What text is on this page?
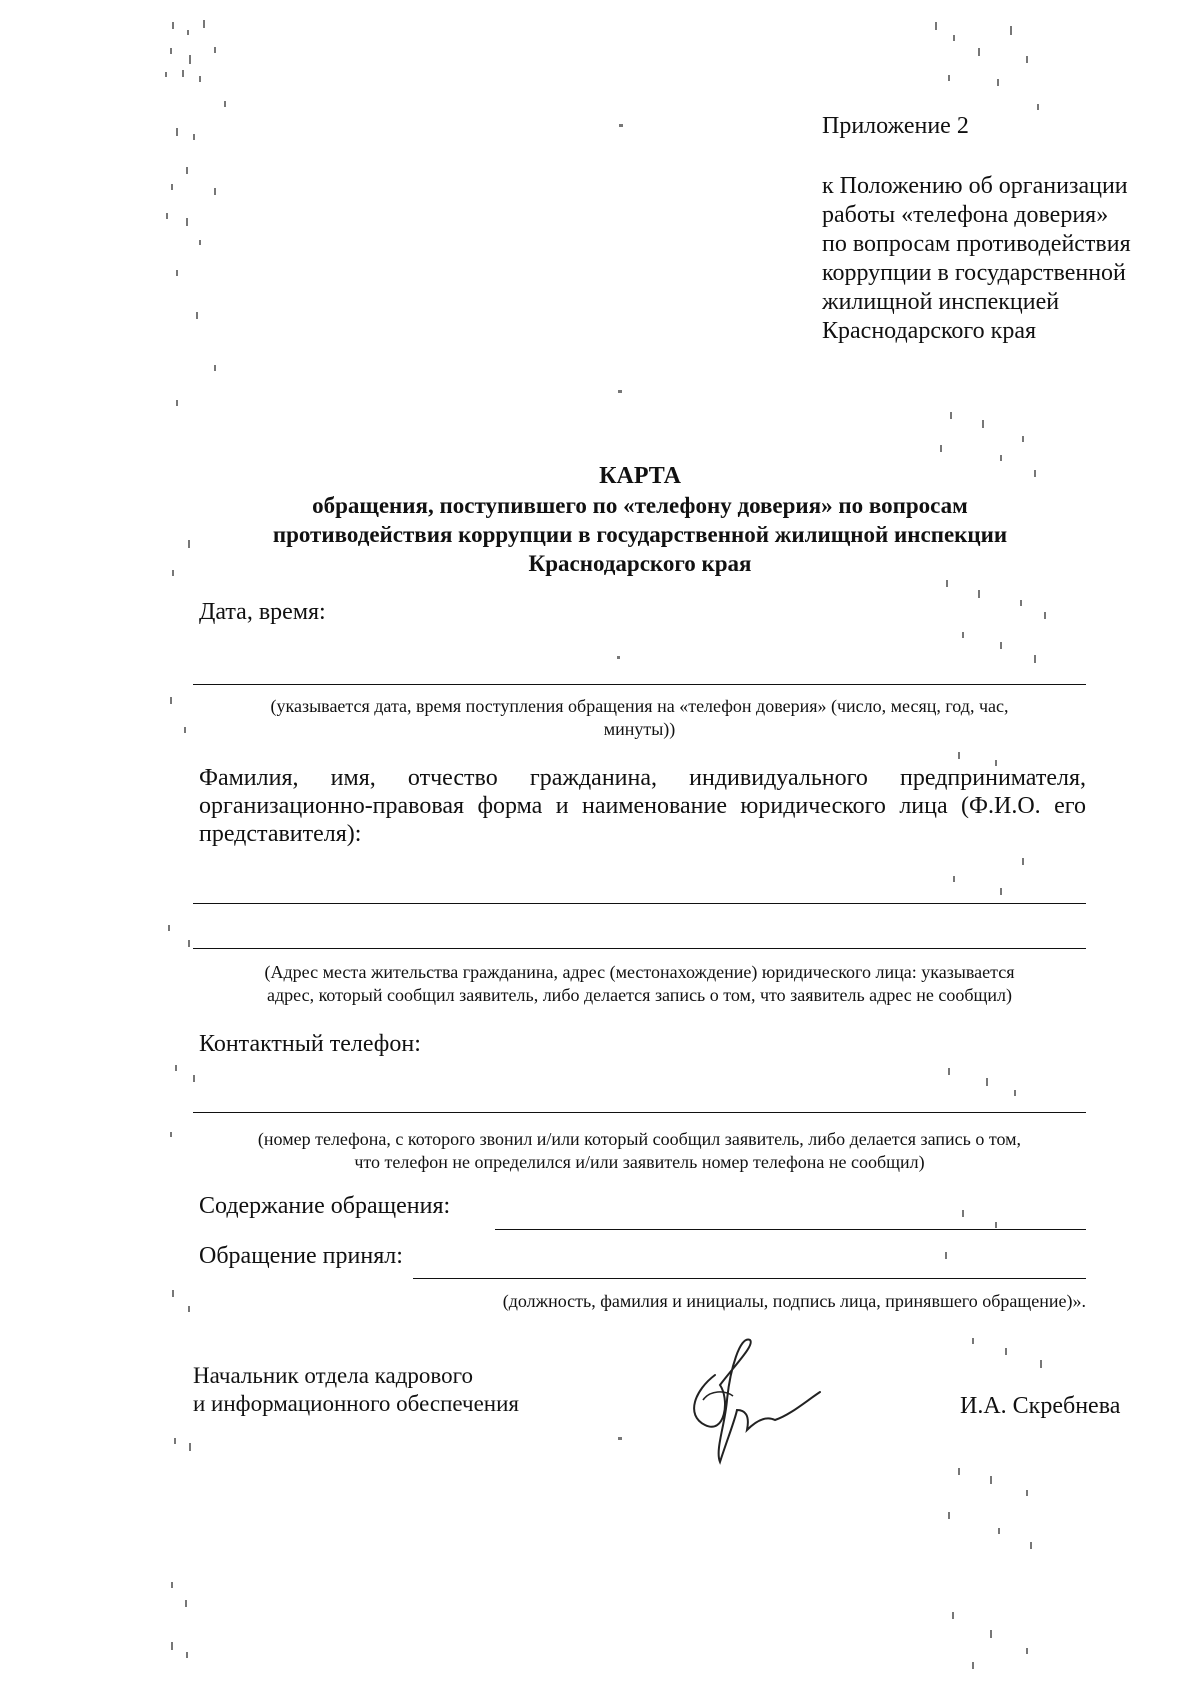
Приложение 2
к Положению об организации
работы «телефона доверия»
по вопросам противодействия
коррупции в государственной
жилищной инспекцией
Краснодарского края
КАРТА
обращения, поступившего по «телефону доверия» по вопросам
противодействия коррупции в государственной жилищной инспекции
Краснодарского края
Дата, время:
(указывается дата, время поступления обращения на «телефон доверия» (число, месяц, год, час,
минуты))
Фамилия, имя, отчество гражданина, индивидуального предпринимателя,
организационно-правовая форма и наименование юридического лица (Ф.И.О. его
представителя):
(Адрес места жительства гражданина, адрес (местонахождение) юридического лица: указывается
адрес, который сообщил заявитель, либо делается запись о том, что заявитель адрес не сообщил)
Контактный телефон:
(номер телефона, с которого звонил и/или который сообщил заявитель, либо делается запись о том,
что телефон не определился и/или заявитель номер телефона не сообщил)
Содержание обращения:
Обращение принял:
(должность, фамилия и инициалы, подпись лица, принявшего обращение)».
Начальник отдела кадрового
и информационного обеспечения	И.А. Скребнева
